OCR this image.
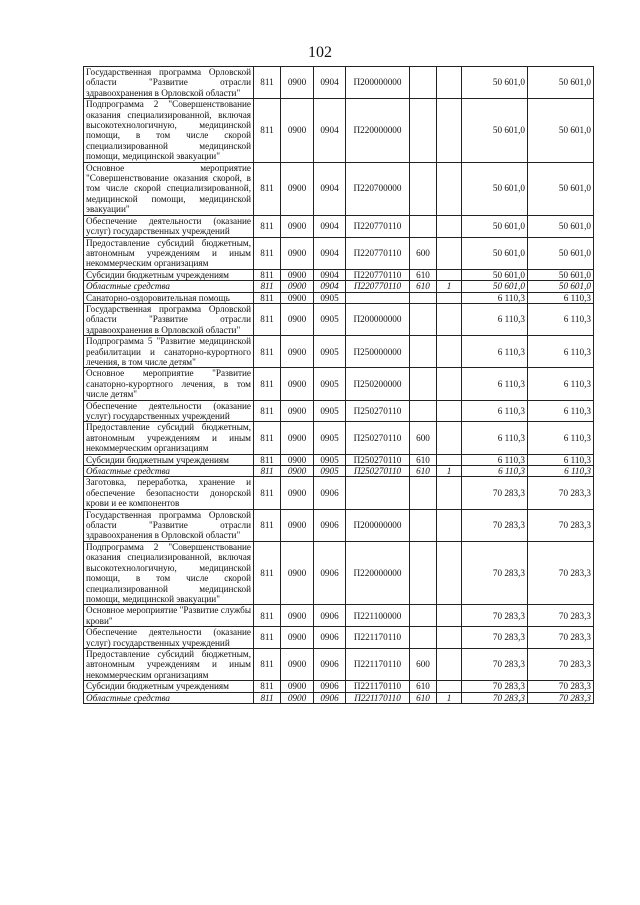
102
Государственная программа Орловской области "Развитие отрасли здравоохранения в Орловской области"	811	0900	0904	П200000000			50 601,0	50 601,0
Подпрограмма 2 "Совершенствование оказания специализированной, включая высокотехнологичную, медицинской помощи, в том числе скорой специализированной медицинской помощи, медицинской эвакуации"	811	0900	0904	П220000000			50 601,0	50 601,0
Основное мероприятие "Совершенствование оказания скорой, в том числе скорой специализированной, медицинской помощи, медицинской эвакуации"	811	0900	0904	П220700000			50 601,0	50 601,0
Обеспечение деятельности (оказание услуг) государственных учреждений	811	0900	0904	П220770110			50 601,0	50 601,0
Предоставление субсидий бюджетным, автономным учреждениям и иным некоммерческим организациям	811	0900	0904	П220770110	600		50 601,0	50 601,0
Субсидии бюджетным учреждениям	811	0900	0904	П220770110	610		50 601,0	50 601,0
Областные средства	811	0900	0904	П220770110	610	1	50 601,0	50 601,0
Санаторно-оздоровительная помощь	811	0900	0905				6 110,3	6 110,3
Государственная программа Орловской области "Развитие отрасли здравоохранения в Орловской области"	811	0900	0905	П200000000			6 110,3	6 110,3
Подпрограмма 5 "Развитие медицинской реабилитации и санаторно-курортного лечения, в том числе детям"	811	0900	0905	П250000000			6 110,3	6 110,3
Основное мероприятие "Развитие санаторно-курортного лечения, в том числе детям"	811	0900	0905	П250200000			6 110,3	6 110,3
Обеспечение деятельности (оказание услуг) государственных учреждений	811	0900	0905	П250270110			6 110,3	6 110,3
Предоставление субсидий бюджетным, автономным учреждениям и иным некоммерческим организациям	811	0900	0905	П250270110	600		6 110,3	6 110,3
Субсидии бюджетным учреждениям	811	0900	0905	П250270110	610		6 110,3	6 110,3
Областные средства	811	0900	0905	П250270110	610	1	6 110,3	6 110,3
Заготовка, переработка, хранение и обеспечение безопасности донорской крови и ее компонентов	811	0900	0906				70 283,3	70 283,3
Государственная программа Орловской области "Развитие отрасли здравоохранения в Орловской области"	811	0900	0906	П200000000			70 283,3	70 283,3
Подпрограмма 2 "Совершенствование оказания специализированной, включая высокотехнологичную, медицинской помощи, в том числе скорой специализированной медицинской помощи, медицинской эвакуации"	811	0900	0906	П220000000			70 283,3	70 283,3
Основное мероприятие "Развитие службы крови"	811	0900	0906	П221100000			70 283,3	70 283,3
Обеспечение деятельности (оказание услуг) государственных учреждений	811	0900	0906	П221170110			70 283,3	70 283,3
Предоставление субсидий бюджетным, автономным учреждениям и иным некоммерческим организациям	811	0900	0906	П221170110	600		70 283,3	70 283,3
Субсидии бюджетным учреждениям	811	0900	0906	П221170110	610		70 283,3	70 283,3
Областные средства	811	0900	0906	П221170110	610	1	70 283,3	70 283,3
